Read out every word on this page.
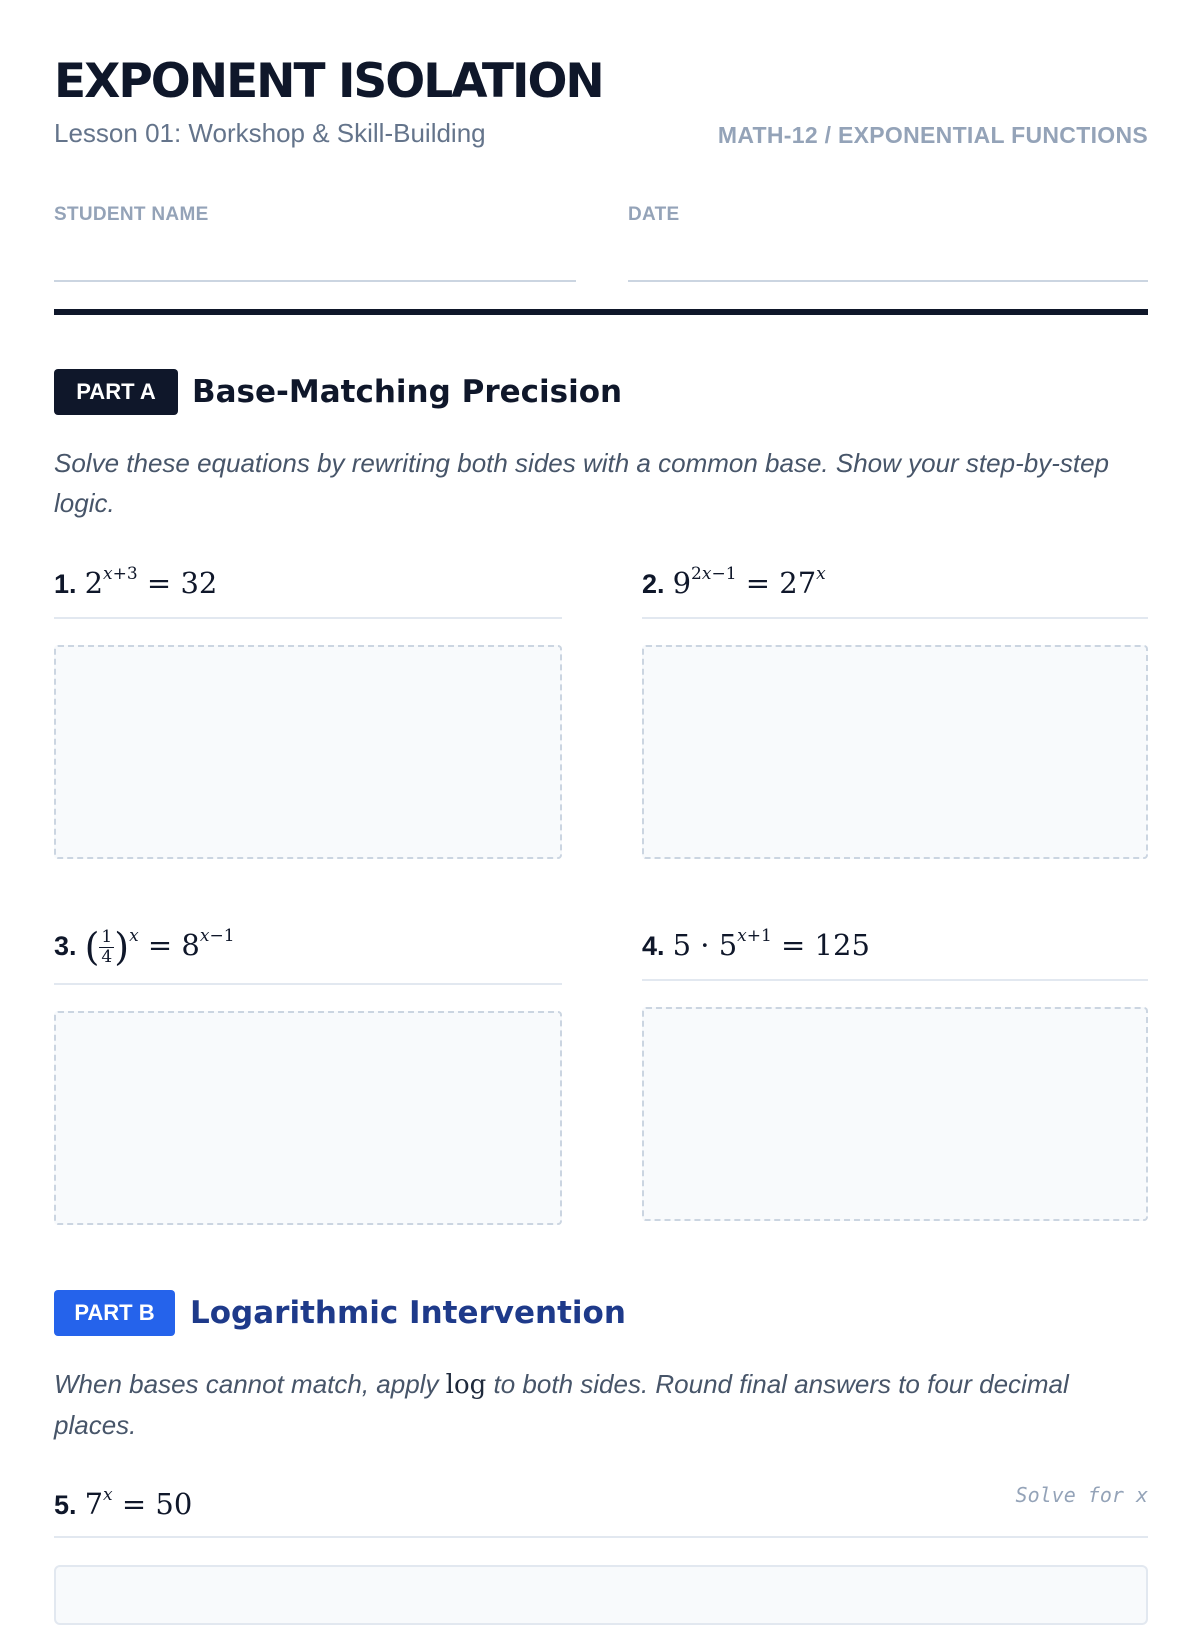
EXPONENT ISOLATION
Lesson 01: Workshop & Skill-Building	MATH-12 / EXPONENTIAL FUNCTIONS
STUDENT NAME	DATE
PART A	Base-Matching Precision
Solve these equations by rewriting both sides with a common base. Show your step-by-step logic.
1. $2^{x+3} = 32$	2. $9^{2x-1} = 27^x$
3. ( $\frac{1}{4} )^x = 8^{x-1}$	4. $5 \cdot 5^{x+1} = 125$
PART B	Logarithmic Intervention
When bases cannot match, apply log to both sides. Round final answers to four decimal places.
5. $7^x = 50$	Solve for x
